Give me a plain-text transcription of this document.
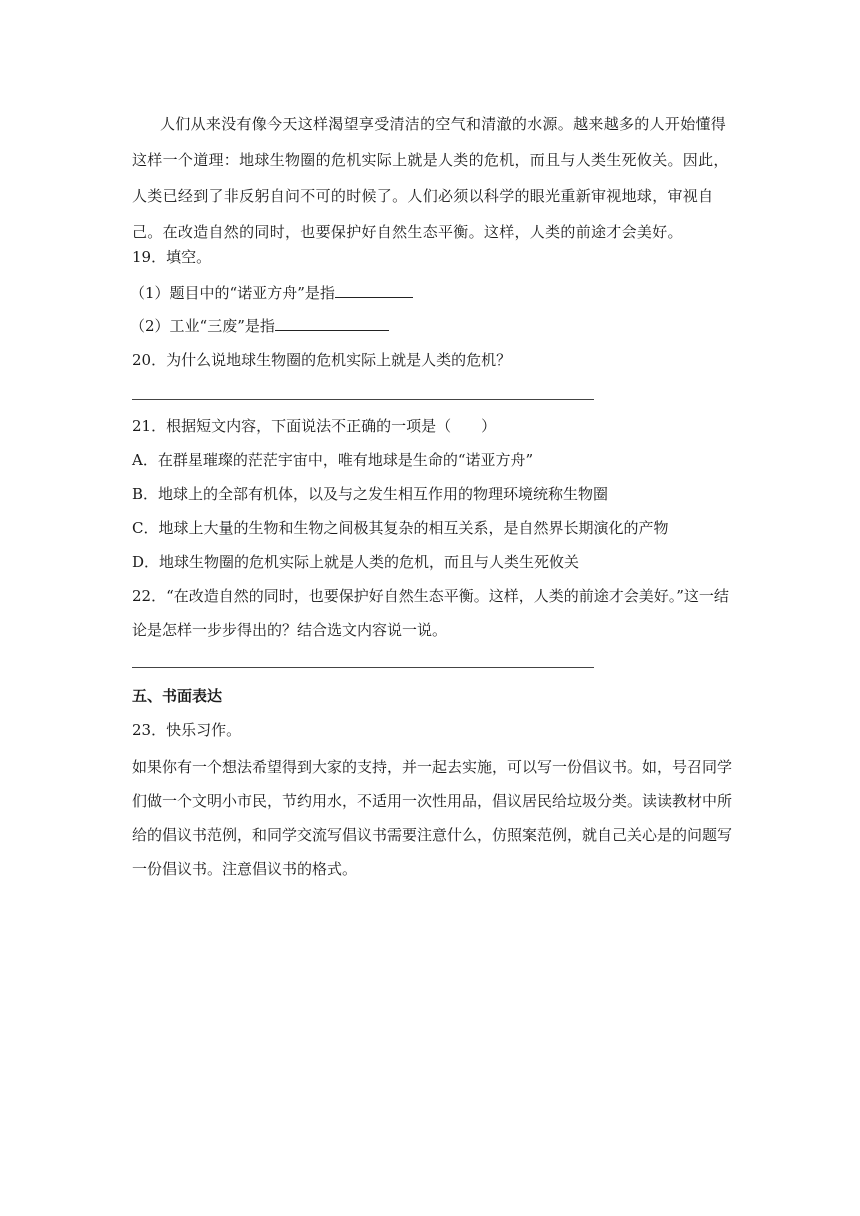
人们从来没有像今天这样渴望享受清洁的空气和清澈的水源。越来越多的人开始懂得这样一个道理：地球生物圈的危机实际上就是人类的危机，而且与人类生死攸关。因此，人类已经到了非反躬自问不可的时候了。人们必须以科学的眼光重新审视地球，审视自己。在改造自然的同时，也要保护好自然生态平衡。这样，人类的前途才会美好。

19．填空。

（1）题目中的“诺亚方舟”是指

（2）工业“三废”是指

20．为什么说地球生物圈的危机实际上就是人类的危机？

21．根据短文内容，下面说法不正确的一项是（　　）

A．在群星璀璨的茫茫宇宙中，唯有地球是生命的“诺亚方舟”

B．地球上的全部有机体，以及与之发生相互作用的物理环境统称生物圈

C．地球上大量的生物和生物之间极其复杂的相互关系，是自然界长期演化的产物

D．地球生物圈的危机实际上就是人类的危机，而且与人类生死攸关

22．“在改造自然的同时，也要保护好自然生态平衡。这样，人类的前途才会美好。”这一结

论是怎样一步步得出的？结合选文内容说一说。

五、书面表达

23．快乐习作。

如果你有一个想法希望得到大家的支持，并一起去实施，可以写一份倡议书。如，号召同学们做一个文明小市民，节约用水，不适用一次性用品，倡议居民给垃圾分类。读读教材中所给的倡议书范例，和同学交流写倡议书需要注意什么，仿照案范例，就自己关心是的问题写一份倡议书。注意倡议书的格式。
